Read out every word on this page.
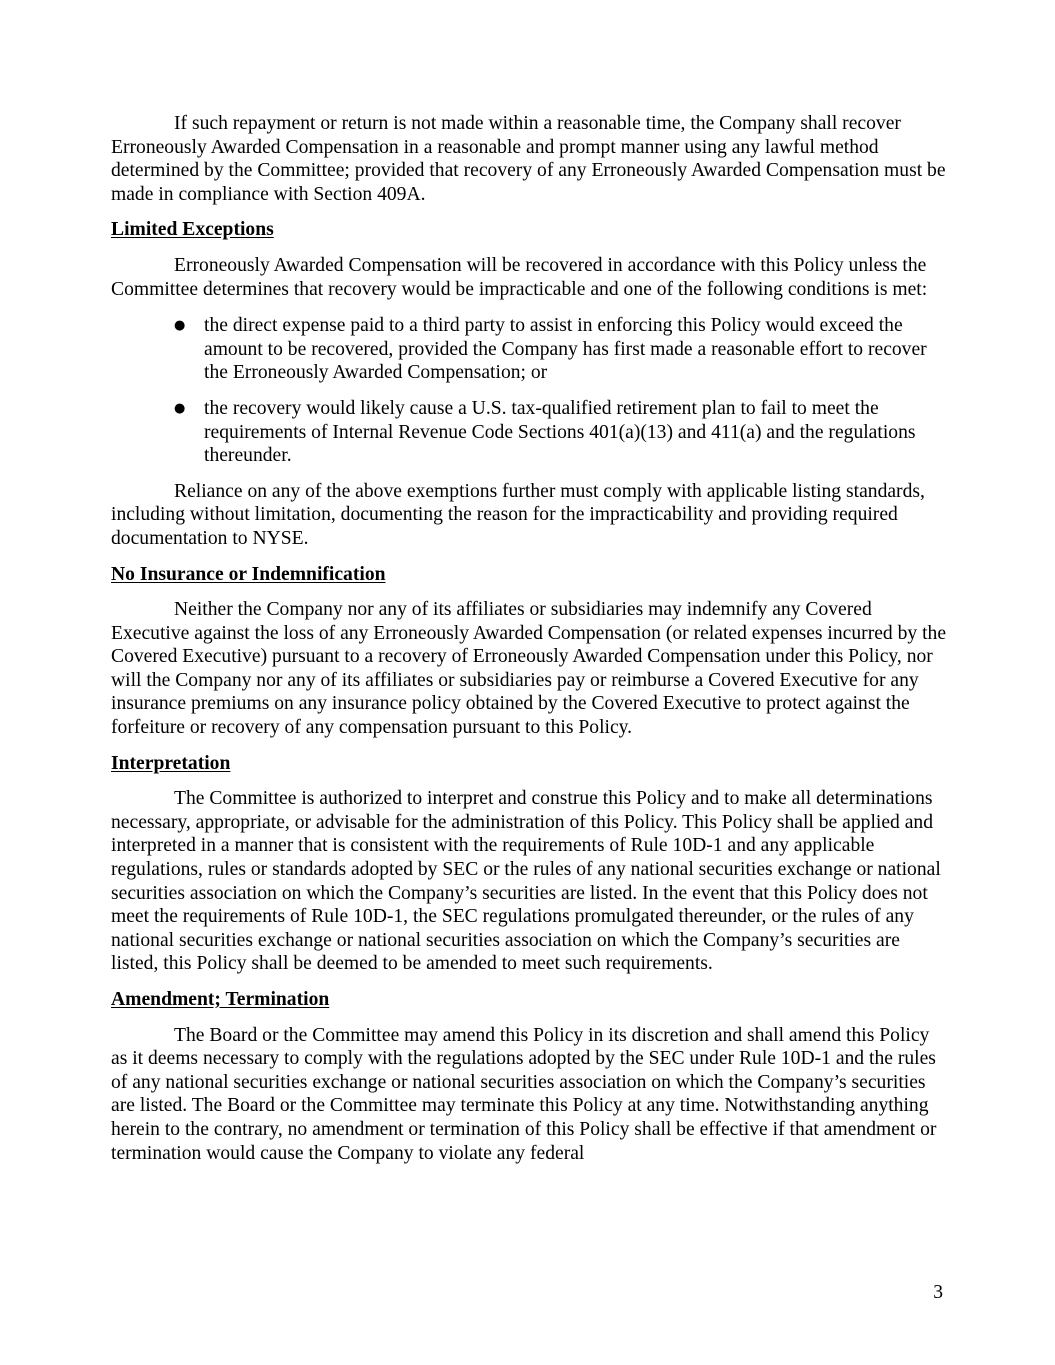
If such repayment or return is not made within a reasonable time, the Company shall recover Erroneously Awarded Compensation in a reasonable and prompt manner using any lawful method determined by the Committee; provided that recovery of any Erroneously Awarded Compensation must be made in compliance with Section 409A.

Limited Exceptions

Erroneously Awarded Compensation will be recovered in accordance with this Policy unless the Committee determines that recovery would be impracticable and one of the following conditions is met:

● the direct expense paid to a third party to assist in enforcing this Policy would exceed the amount to be recovered, provided the Company has first made a reasonable effort to recover the Erroneously Awarded Compensation; or
● the recovery would likely cause a U.S. tax-qualified retirement plan to fail to meet the requirements of Internal Revenue Code Sections 401(a)(13) and 411(a) and the regulations thereunder.

Reliance on any of the above exemptions further must comply with applicable listing standards, including without limitation, documenting the reason for the impracticability and providing required documentation to NYSE.

No Insurance or Indemnification

Neither the Company nor any of its affiliates or subsidiaries may indemnify any Covered Executive against the loss of any Erroneously Awarded Compensation (or related expenses incurred by the Covered Executive) pursuant to a recovery of Erroneously Awarded Compensation under this Policy, nor will the Company nor any of its affiliates or subsidiaries pay or reimburse a Covered Executive for any insurance premiums on any insurance policy obtained by the Covered Executive to protect against the forfeiture or recovery of any compensation pursuant to this Policy.

Interpretation

The Committee is authorized to interpret and construe this Policy and to make all determinations necessary, appropriate, or advisable for the administration of this Policy. This Policy shall be applied and interpreted in a manner that is consistent with the requirements of Rule 10D-1 and any applicable regulations, rules or standards adopted by SEC or the rules of any national securities exchange or national securities association on which the Company’s securities are listed. In the event that this Policy does not meet the requirements of Rule 10D-1, the SEC regulations promulgated thereunder, or the rules of any national securities exchange or national securities association on which the Company’s securities are listed, this Policy shall be deemed to be amended to meet such requirements.

Amendment; Termination

The Board or the Committee may amend this Policy in its discretion and shall amend this Policy as it deems necessary to comply with the regulations adopted by the SEC under Rule 10D-1 and the rules of any national securities exchange or national securities association on which the Company’s securities are listed. The Board or the Committee may terminate this Policy at any time. Notwithstanding anything herein to the contrary, no amendment or termination of this Policy shall be effective if that amendment or termination would cause the Company to violate any federal

3
